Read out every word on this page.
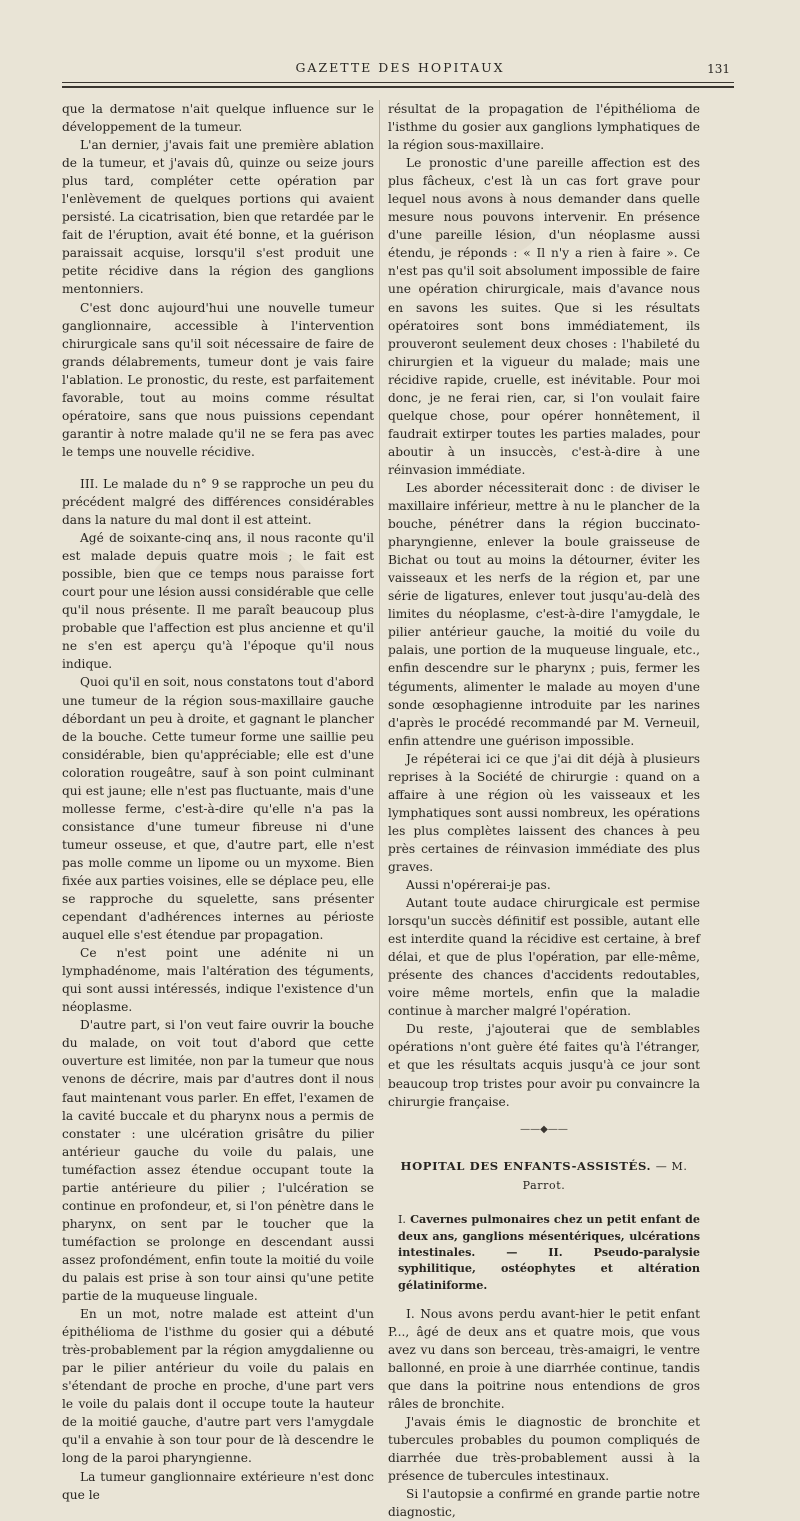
GAZETTE DES HOPITAUX	131

que la dermatose n'ait quelque influence sur le développement de la tumeur.

L'an dernier, j'avais fait une première ablation de la tumeur, et j'avais dû, quinze ou seize jours plus tard, compléter cette opération par l'enlèvement de quelques portions qui avaient persisté. La cicatrisation, bien que retardée par le fait de l'éruption, avait été bonne, et la guérison paraissait acquise, lorsqu'il s'est produit une petite récidive dans la région des ganglions mentonniers.

C'est donc aujourd'hui une nouvelle tumeur ganglionnaire, accessible à l'intervention chirurgicale sans qu'il soit nécessaire de faire de grands délabrements, tumeur dont je vais faire l'ablation. Le pronostic, du reste, est parfaitement favorable, tout au moins comme résultat opératoire, sans que nous puissions cependant garantir à notre malade qu'il ne se fera pas avec le temps une nouvelle récidive.

III. Le malade du n° 9 se rapproche un peu du précédent malgré des différences considérables dans la nature du mal dont il est atteint.

Agé de soixante-cinq ans, il nous raconte qu'il est malade depuis quatre mois ; le fait est possible, bien que ce temps nous paraisse fort court pour une lésion aussi considérable que celle qu'il nous présente. Il me paraît beaucoup plus probable que l'affection est plus ancienne et qu'il ne s'en est aperçu qu'à l'époque qu'il nous indique.

Quoi qu'il en soit, nous constatons tout d'abord une tumeur de la région sous-maxillaire gauche débordant un peu à droite, et gagnant le plancher de la bouche. Cette tumeur forme une saillie peu considérable, bien qu'appréciable; elle est d'une coloration rougeâtre, sauf à son point culminant qui est jaune; elle n'est pas fluctuante, mais d'une mollesse ferme, c'est-à-dire qu'elle n'a pas la consistance d'une tumeur fibreuse ni d'une tumeur osseuse, et que, d'autre part, elle n'est pas molle comme un lipome ou un myxome. Bien fixée aux parties voisines, elle se déplace peu, elle se rapproche du squelette, sans présenter cependant d'adhérences internes au périoste auquel elle s'est étendue par propagation.

Ce n'est point une adénite ni un lymphadénome, mais l'altération des téguments, qui sont aussi intéressés, indique l'existence d'un néoplasme.

D'autre part, si l'on veut faire ouvrir la bouche du malade, on voit tout d'abord que cette ouverture est limitée, non par la tumeur que nous venons de décrire, mais par d'autres dont il nous faut maintenant vous parler. En effet, l'examen de la cavité buccale et du pharynx nous a permis de constater : une ulcération grisâtre du pilier antérieur gauche du voile du palais, une tuméfaction assez étendue occupant toute la partie antérieure du pilier ; l'ulcération se continue en profondeur, et, si l'on pénètre dans le pharynx, on sent par le toucher que la tuméfaction se prolonge en descendant aussi assez profondément, enfin toute la moitié du voile du palais est prise à son tour ainsi qu'une petite partie de la muqueuse linguale.

En un mot, notre malade est atteint d'un épithélioma de l'isthme du gosier qui a débuté très-probablement par la région amygdalienne ou par le pilier antérieur du voile du palais en s'étendant de proche en proche, d'une part vers le voile du palais dont il occupe toute la hauteur de la moitié gauche, d'autre part vers l'amygdale qu'il a envahie à son tour pour de là descendre le long de la paroi pharyngienne.

La tumeur ganglionnaire extérieure n'est donc que le

résultat de la propagation de l'épithélioma de l'isthme du gosier aux ganglions lymphatiques de la région sous-maxillaire.

Le pronostic d'une pareille affection est des plus fâcheux, c'est là un cas fort grave pour lequel nous avons à nous demander dans quelle mesure nous pouvons intervenir. En présence d'une pareille lésion, d'un néoplasme aussi étendu, je réponds : « Il n'y a rien à faire ». Ce n'est pas qu'il soit absolument impossible de faire une opération chirurgicale, mais d'avance nous en savons les suites. Que si les résultats opératoires sont bons immédiatement, ils prouveront seulement deux choses : l'habileté du chirurgien et la vigueur du malade; mais une récidive rapide, cruelle, est inévitable. Pour moi donc, je ne ferai rien, car, si l'on voulait faire quelque chose, pour opérer honnêtement, il faudrait extirper toutes les parties malades, pour aboutir à un insuccès, c'est-à-dire à une réinvasion immédiate.

Les aborder nécessiterait donc : de diviser le maxillaire inférieur, mettre à nu le plancher de la bouche, pénétrer dans la région buccinato-pharyngienne, enlever la boule graisseuse de Bichat ou tout au moins la détourner, éviter les vaisseaux et les nerfs de la région et, par une série de ligatures, enlever tout jusqu'au-delà des limites du néoplasme, c'est-à-dire l'amygdale, le pilier antérieur gauche, la moitié du voile du palais, une portion de la muqueuse linguale, etc., enfin descendre sur le pharynx ; puis, fermer les téguments, alimenter le malade au moyen d'une sonde œsophagienne introduite par les narines d'après le procédé recommandé par M. Verneuil, enfin attendre une guérison impossible.

Je répéterai ici ce que j'ai dit déjà à plusieurs reprises à la Société de chirurgie : quand on a affaire à une région où les vaisseaux et les lymphatiques sont aussi nombreux, les opérations les plus complètes laissent des chances à peu près certaines de réinvasion immédiate des plus graves.

Aussi n'opérerai-je pas.

Autant toute audace chirurgicale est permise lorsqu'un succès définitif est possible, autant elle est interdite quand la récidive est certaine, à bref délai, et que de plus l'opération, par elle-même, présente des chances d'accidents redoutables, voire même mortels, enfin que la maladie continue à marcher malgré l'opération.

Du reste, j'ajouterai que de semblables opérations n'ont guère été faites qu'à l'étranger, et que les résultats acquis jusqu'à ce jour sont beaucoup trop tristes pour avoir pu convaincre la chirurgie française.

——◆——
HOPITAL DES ENFANTS-ASSISTÉS. — M. Parrot.

I. Cavernes pulmonaires chez un petit enfant de deux ans, ganglions mésentériques, ulcérations intestinales. — II. Pseudo-paralysie syphilitique, ostéophytes et altération gélatiniforme.

I. Nous avons perdu avant-hier le petit enfant P..., âgé de deux ans et quatre mois, que vous avez vu dans son berceau, très-amaigri, le ventre ballonné, en proie à une diarrhée continue, tandis que dans la poitrine nous entendions de gros râles de bronchite.

J'avais émis le diagnostic de bronchite et tubercules probables du poumon compliqués de diarrhée due très-probablement aussi à la présence de tubercules intestinaux.

Si l'autopsie a confirmé en grande partie notre diagnostic,
